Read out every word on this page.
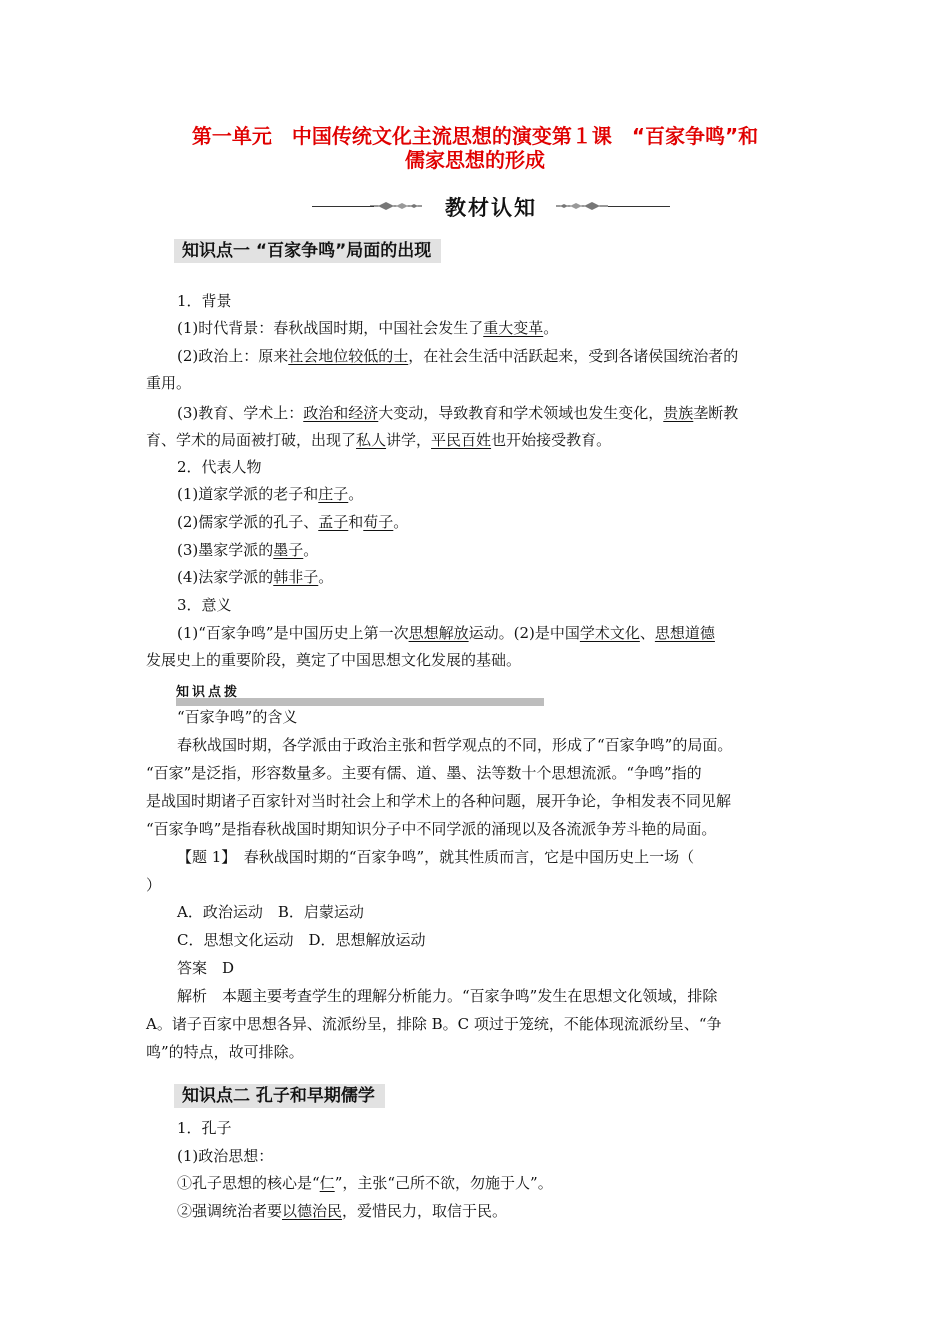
第一单元　中国传统文化主流思想的演变第１课　“百家争鸣”和
儒家思想的形成
教材认知
知识点一 “百家争鸣”局面的出现
1．背景
(1)时代背景：春秋战国时期，中国社会发生了重大变革。
(2)政治上：原来社会地位较低的士，在社会生活中活跃起来，受到各诸侯国统治者的
重用。
(3)教育、学术上：政治和经济大变动，导致教育和学术领域也发生变化，贵族垄断教
育、学术的局面被打破，出现了私人讲学，平民百姓也开始接受教育。
2．代表人物
(1)道家学派的老子和庄子。
(2)儒家学派的孔子、孟子和荀子。
(3)墨家学派的墨子。
(4)法家学派的韩非子。
3．意义
(1)“百家争鸣”是中国历史上第一次思想解放运动。(2)是中国学术文化、思想道德
发展史上的重要阶段，奠定了中国思想文化发展的基础。
知识点拨
“百家争鸣”的含义
春秋战国时期，各学派由于政治主张和哲学观点的不同，形成了“百家争鸣”的局面。
“百家”是泛指，形容数量多。主要有儒、道、墨、法等数十个思想流派。“争鸣”指的
是战国时期诸子百家针对当时社会上和学术上的各种问题，展开争论，争相发表不同见解
“百家争鸣”是指春秋战国时期知识分子中不同学派的涌现以及各流派争芳斗艳的局面。
【题 1】　春秋战国时期的“百家争鸣”，就其性质而言，它是中国历史上一场（
）
A．政治运动　B．启蒙运动
C．思想文化运动　D．思想解放运动
答案　D
解析　本题主要考查学生的理解分析能力。“百家争鸣”发生在思想文化领域，排除
A。诸子百家中思想各异、流派纷呈，排除 B。C 项过于笼统，不能体现流派纷呈、“争
鸣”的特点，故可排除。
知识点二 孔子和早期儒学
1．孔子
(1)政治思想：
①孔子思想的核心是“仁”，主张“己所不欲，勿施于人”。
②强调统治者要以德治民，爱惜民力，取信于民。
